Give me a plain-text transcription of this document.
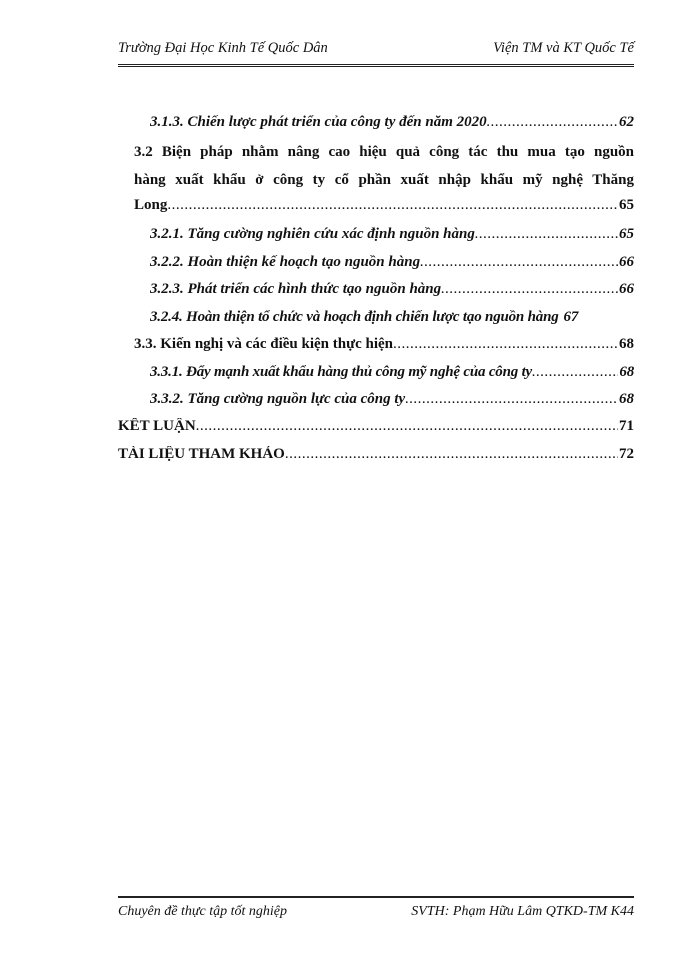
Trường Đại Học Kinh Tế Quốc Dân	Viện TM và KT Quốc Tế
3.1.3. Chiến lược phát triển của công ty đến năm 2020 .....	62
3.2 Biện pháp nhằm nâng cao hiệu quả công tác thu mua tạo nguồn
hàng xuất khẩu ở công ty cổ phần xuất nhập khẩu mỹ nghệ Thăng
Long .....	65
3.2.1. Tăng cường nghiên cứu xác định nguồn hàng .....	65
3.2.2. Hoàn thiện kế hoạch tạo nguồn hàng .....	66
3.2.3. Phát triển các hình thức tạo nguồn hàng .....	66
3.2.4. Hoàn thiện tổ chức và hoạch định chiến lược tạo nguồn hàng 67
3.3. Kiến nghị và các điều kiện thực hiện .....	68
3.3.1. Đẩy mạnh xuất khẩu hàng thủ công mỹ nghệ của công ty .....	68
3.3.2. Tăng cường nguồn lực của công ty .....	68
KẾT LUẬN .....	71
TÀI LIỆU THAM KHẢO .....	72
Chuyên đề thực tập tốt nghiệp	SVTH: Phạm Hữu Lâm QTKD-TM K44
